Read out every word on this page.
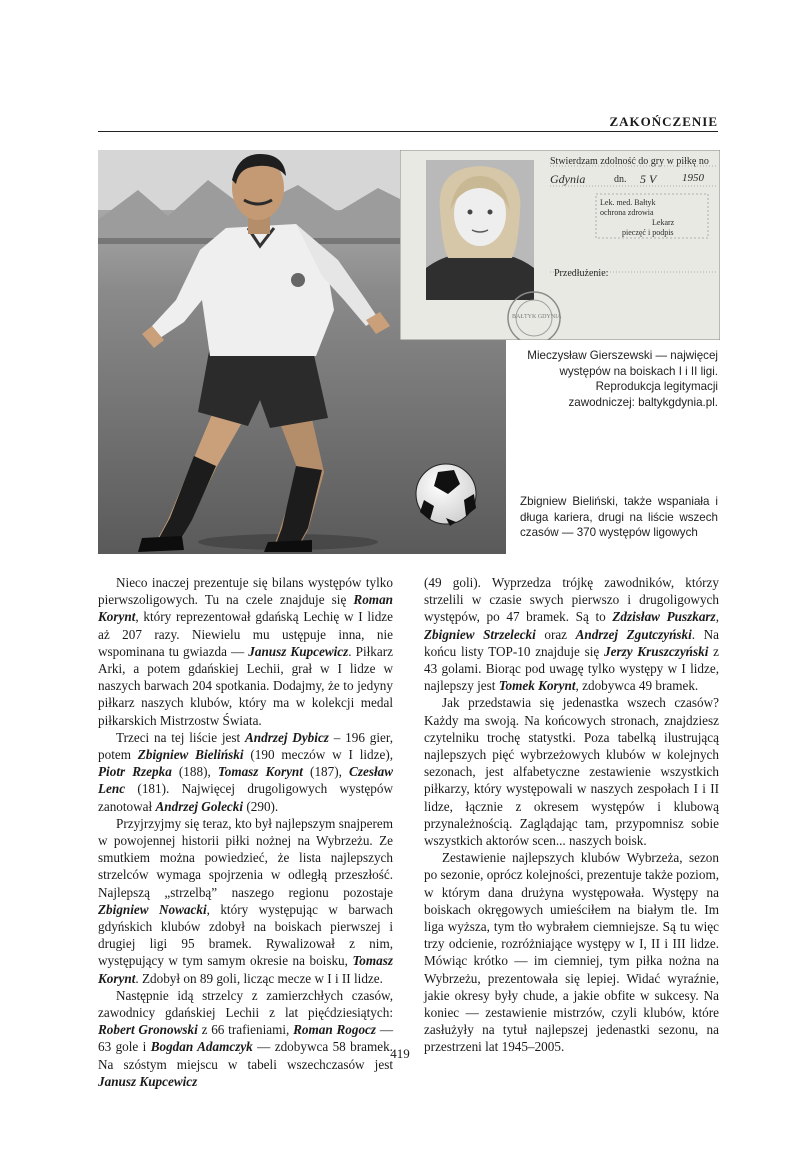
ZAKOŃCZENIE
Stwierdzam zdolność do gry w piłkę no
Gdynia	dn. 5 V 1950
Lek. med. Bałtyk
ochrona zdrowia
Lekarz
pieczęć i podpis
Przedłużenie:
BAŁTYK GDYNIA

Mieczysław Gierszewski — najwięcej

występów na boiskach I i II ligi.

Reprodukcja legitymacji

zawodniczej: baltykgdynia.pl.

Zbigniew Bieliński, także wspaniała i długa kariera, drugi na liście wszech czasów — 370 występów ligowych

Nieco inaczej prezentuje się bilans występów tylko pierwszoligowych. Tu na czele znajduje się Roman Korynt, który reprezentował gdańską Lechię w I lidze aż 207 razy. Niewielu mu ustępuje inna, nie wspominana tu gwiazda — Janusz Kupcewicz. Piłkarz Arki, a potem gdańskiej Lechii, grał w I lidze w naszych barwach 204 spotkania. Dodajmy, że to jedyny piłkarz naszych klubów, który ma w kolekcji medal piłkarskich Mistrzostw Świata.

Trzeci na tej liście jest Andrzej Dybicz – 196 gier, potem Zbigniew Bieliński (190 meczów w I lidze), Piotr Rzepka (188), Tomasz Korynt (187), Czesław Lenc (181). Najwięcej drugoligowych występów zanotował Andrzej Golecki (290).

Przyjrzyjmy się teraz, kto był najlepszym snajperem w powojennej historii piłki nożnej na Wybrzeżu. Ze smutkiem można powiedzieć, że lista najlepszych strzelców wymaga spojrzenia w odległą przeszłość. Najlepszą „strzelbą” naszego regionu pozostaje Zbigniew Nowacki, który występując w barwach gdyńskich klubów zdobył na boiskach pierwszej i drugiej ligi 95 bramek. Rywalizował z nim, występujący w tym samym okresie na boisku, Tomasz Korynt. Zdobył on 89 goli, licząc mecze w I i II lidze.

Następnie idą strzelcy z zamierzchłych czasów, zawodnicy gdańskiej Lechii z lat pięćdziesiątych: Robert Gronowski z 66 trafieniami, Roman Rogocz — 63 gole i Bogdan Adamczyk — zdobywca 58 bramek. Na szóstym miejscu w tabeli wszechczasów jest Janusz Kupcewicz

(49 goli). Wyprzedza trójkę zawodników, którzy strzelili w czasie swych pierwszo i drugoligowych występów, po 47 bramek. Są to Zdzisław Puszkarz, Zbigniew Strzelecki oraz Andrzej Zgutczyński. Na końcu listy TOP-10 znajduje się Jerzy Kruszczyński z 43 golami. Biorąc pod uwagę tylko występy w I lidze, najlepszy jest Tomek Korynt, zdobywca 49 bramek.

Jak przedstawia się jedenastka wszech czasów? Każdy ma swoją. Na końcowych stronach, znajdziesz czytelniku trochę statystki. Poza tabelką ilustrującą najlepszych pięć wybrzeżowych klubów w kolejnych sezonach, jest alfabetyczne zestawienie wszystkich piłkarzy, który występowali w naszych zespołach I i II lidze, łącznie z okresem występów i klubową przynależnością. Zaglądając tam, przypomnisz sobie wszystkich aktorów scen... naszych boisk.

Zestawienie najlepszych klubów Wybrzeża, sezon po sezonie, oprócz kolejności, prezentuje także poziom, w którym dana drużyna występowała. Występy na boiskach okręgowych umieściłem na białym tle. Im liga wyższa, tym tło wybrałem ciemniejsze. Są tu więc trzy odcienie, rozróżniające występy w I, II i III lidze. Mówiąc krótko — im ciemniej, tym piłka nożna na Wybrzeżu, prezentowała się lepiej. Widać wyraźnie, jakie okresy były chude, a jakie obfite w sukcesy. Na koniec — zestawienie mistrzów, czyli klubów, które zasłużyły na tytuł najlepszej jedenastki sezonu, na przestrzeni lat 1945–2005.

419
